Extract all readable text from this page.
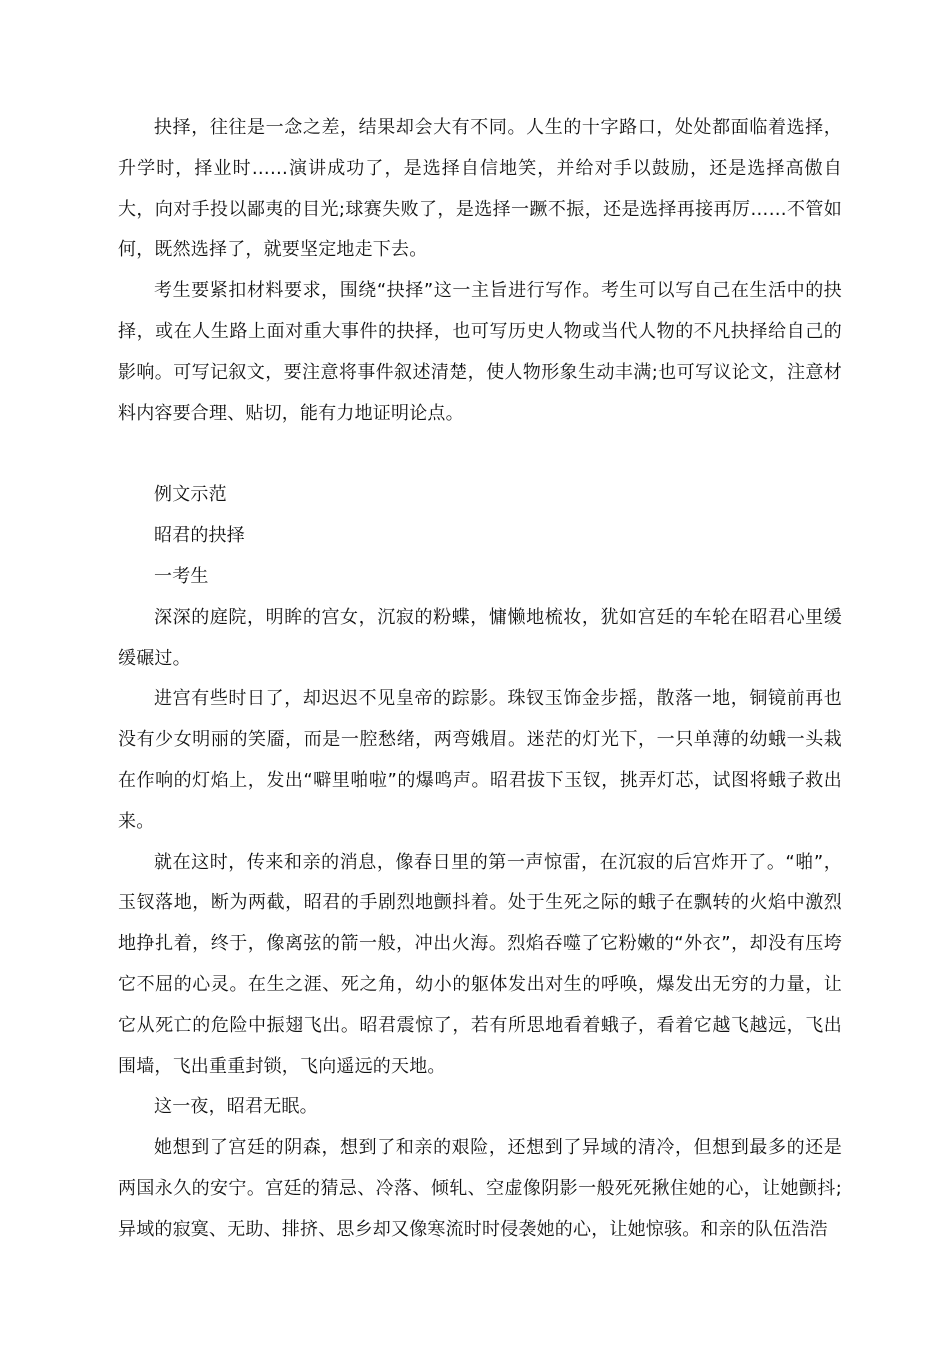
抉择，往往是一念之差，结果却会大有不同。人生的十字路口，处处都面临着选择，升学时，择业时……演讲成功了，是选择自信地笑，并给对手以鼓励，还是选择高傲自大，向对手投以鄙夷的目光;球赛失败了，是选择一蹶不振，还是选择再接再厉……不管如何，既然选择了，就要坚定地走下去。

考生要紧扣材料要求，围绕“抉择”这一主旨进行写作。考生可以写自己在生活中的抉择，或在人生路上面对重大事件的抉择，也可写历史人物或当代人物的不凡抉择给自己的影响。可写记叙文，要注意将事件叙述清楚，使人物形象生动丰满;也可写议论文，注意材料内容要合理、贴切，能有力地证明论点。

例文示范

昭君的抉择

一考生

深深的庭院，明眸的宫女，沉寂的粉蝶，慵懒地梳妆，犹如宫廷的车轮在昭君心里缓缓碾过。

进宫有些时日了，却迟迟不见皇帝的踪影。珠钗玉饰金步摇，散落一地，铜镜前再也没有少女明丽的笑靥，而是一腔愁绪，两弯娥眉。迷茫的灯光下，一只单薄的幼蛾一头栽在作响的灯焰上，发出“噼里啪啦”的爆鸣声。昭君拔下玉钗，挑弄灯芯，试图将蛾子救出来。

就在这时，传来和亲的消息，像春日里的第一声惊雷，在沉寂的后宫炸开了。“啪”，玉钗落地，断为两截，昭君的手剧烈地颤抖着。处于生死之际的蛾子在飘转的火焰中激烈地挣扎着，终于，像离弦的箭一般，冲出火海。烈焰吞噬了它粉嫩的“外衣”，却没有压垮它不屈的心灵。在生之涯、死之角，幼小的躯体发出对生的呼唤，爆发出无穷的力量，让它从死亡的危险中振翅飞出。昭君震惊了，若有所思地看着蛾子，看着它越飞越远，飞出围墙，飞出重重封锁，飞向遥远的天地。

这一夜，昭君无眠。

她想到了宫廷的阴森，想到了和亲的艰险，还想到了异域的清冷，但想到最多的还是两国永久的安宁。宫廷的猜忌、冷落、倾轧、空虚像阴影一般死死揪住她的心，让她颤抖;异域的寂寞、无助、排挤、思乡却又像寒流时时侵袭她的心，让她惊骇。和亲的队伍浩浩
